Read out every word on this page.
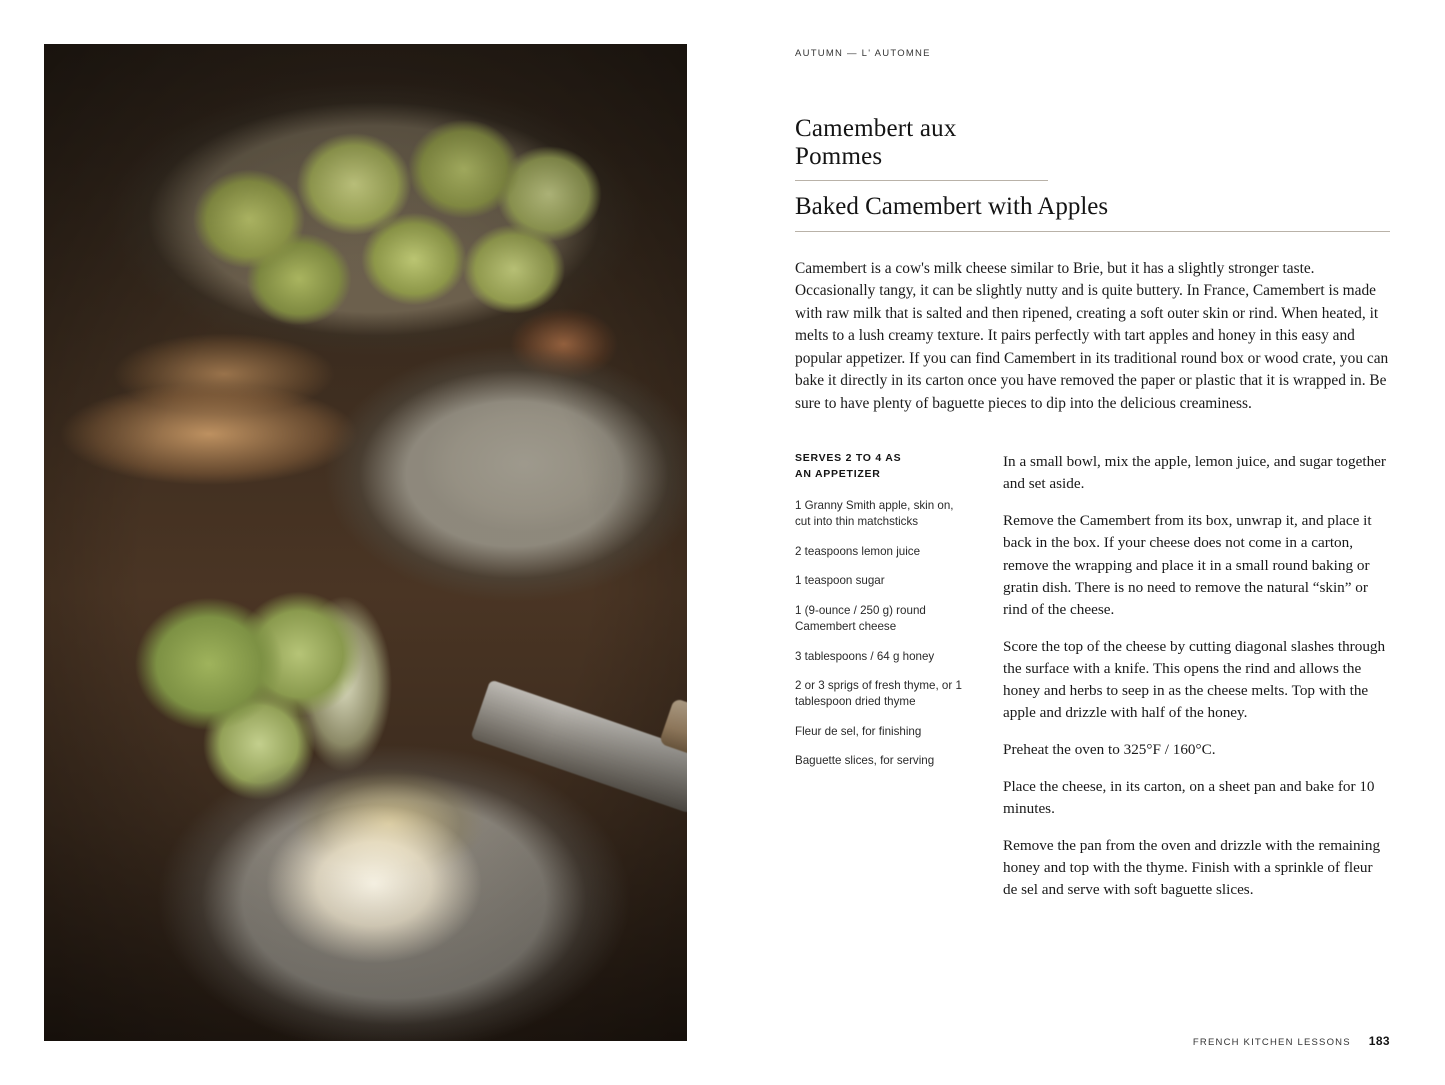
AUTUMN — L' AUTOMNE
Camembert aux Pommes
Baked Camembert with Apples

Camembert is a cow's milk cheese similar to Brie, but it has a slightly stronger taste. Occasionally tangy, it can be slightly nutty and is quite buttery. In France, Camembert is made with raw milk that is salted and then ripened, creating a soft outer skin or rind. When heated, it melts to a lush creamy texture. It pairs perfectly with tart apples and honey in this easy and popular appetizer. If you can find Camembert in its traditional round box or wood crate, you can bake it directly in its carton once you have removed the paper or plastic that it is wrapped in. Be sure to have plenty of baguette pieces to dip into the delicious creaminess.

SERVES 2 TO 4 AS
AN APPETIZER

1 Granny Smith apple, skin on, cut into thin matchsticks

2 teaspoons lemon juice

1 teaspoon sugar

1 (9-ounce / 250 g) round Camembert cheese

3 tablespoons / 64 g honey

2 or 3 sprigs of fresh thyme, or 1 tablespoon dried thyme

Fleur de sel, for finishing

Baguette slices, for serving

In a small bowl, mix the apple, lemon juice, and sugar together and set aside.

Remove the Camembert from its box, unwrap it, and place it back in the box. If your cheese does not come in a carton, remove the wrapping and place it in a small round baking or gratin dish. There is no need to remove the natural “skin” or rind of the cheese.

Score the top of the cheese by cutting diagonal slashes through the surface with a knife. This opens the rind and allows the honey and herbs to seep in as the cheese melts. Top with the apple and drizzle with half of the honey.

Preheat the oven to 325°F / 160°C.

Place the cheese, in its carton, on a sheet pan and bake for 10 minutes.

Remove the pan from the oven and drizzle with the remaining honey and top with the thyme. Finish with a sprinkle of fleur de sel and serve with soft baguette slices.

FRENCH KITCHEN LESSONS 183
